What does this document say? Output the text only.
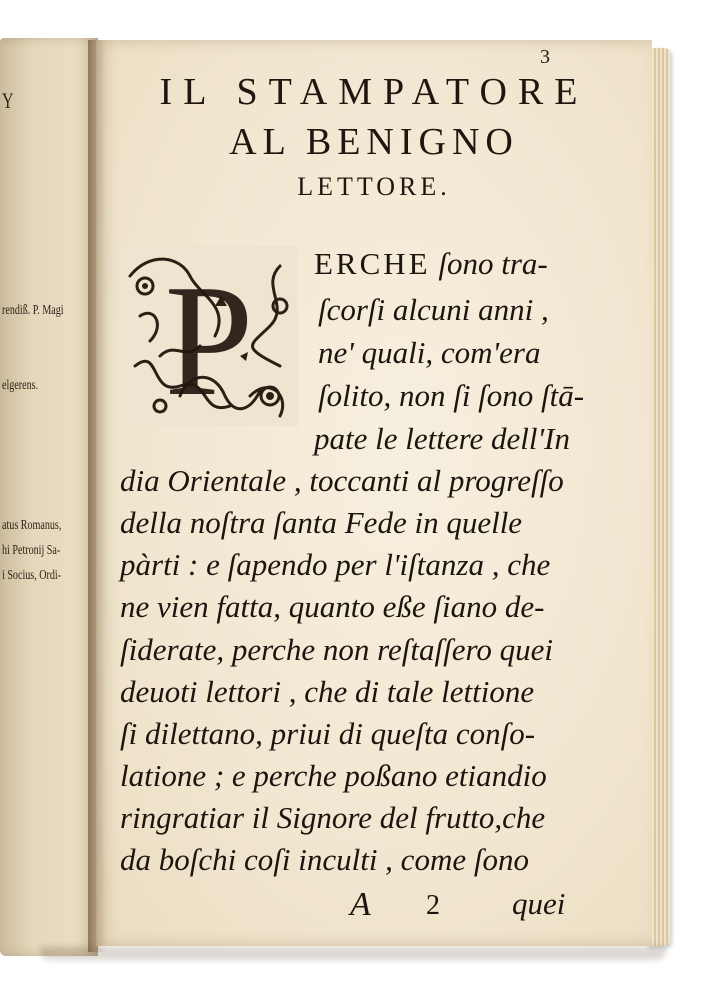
Y
rendiß. P. Magi
elgerens.
atus Romanus,
hi Petronij Sa-
i Socius, Ordi-
3
IL STAMPATORE
AL BENIGNO
LETTORE.
P ERCHE ſono tra-
ſcorſi alcuni anni ,
ne' quali, com'era
ſolito, non ſi ſono ſtā-
pate le lettere dell'In
dia Orientale , toccanti al progreſſo
della noſtra ſanta Fede in quelle
pàrti : e ſapendo per l'iſtanza , che
ne vien fatta, quanto eße ſiano de-
ſiderate, perche non reſtaſſero quei
deuoti lettori , che di tale lettione
ſi dilettano, priui di queſta conſo-
latione ; e perche poßano etiandio
ringratiar il Signore del frutto,che
da boſchi coſi inculti , come ſono
A 2 quei
